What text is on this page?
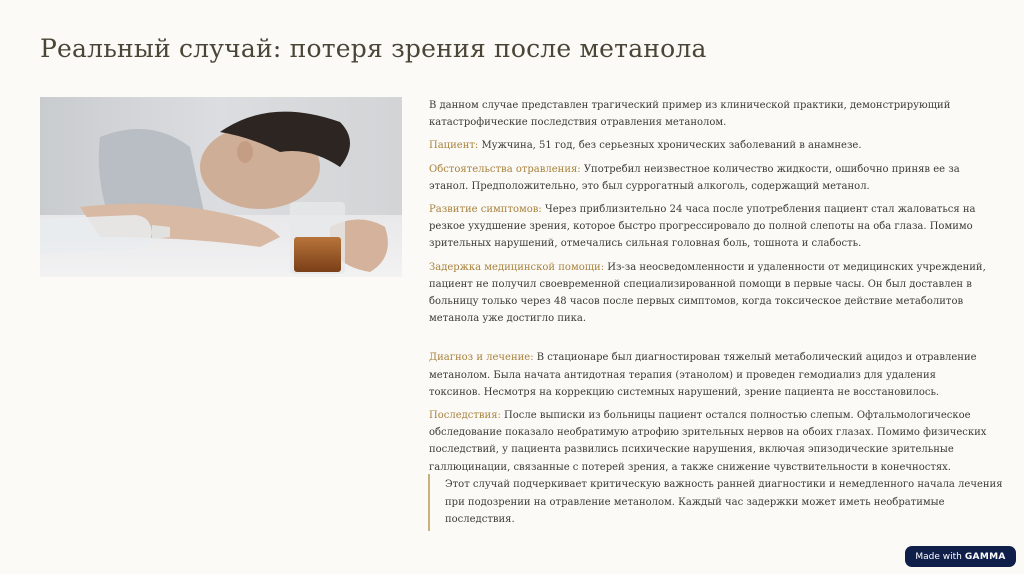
Реальный случай: потеря зрения после метанола

В данном случае представлен трагический пример из клинической практики, демонстрирующий катастрофические последствия отравления метанолом.

Пациент: Мужчина, 51 год, без серьезных хронических заболеваний в анамнезе.

Обстоятельства отравления: Употребил неизвестное количество жидкости, ошибочно приняв ее за этанол. Предположительно, это был суррогатный алкоголь, содержащий метанол.

Развитие симптомов: Через приблизительно 24 часа после употребления пациент стал жаловаться на резкое ухудшение зрения, которое быстро прогрессировало до полной слепоты на оба глаза. Помимо зрительных нарушений, отмечались сильная головная боль, тошнота и слабость.

Задержка медицинской помощи: Из-за неосведомленности и удаленности от медицинских учреждений, пациент не получил своевременной специализированной помощи в первые часы. Он был доставлен в больницу только через 48 часов после первых симптомов, когда токсическое действие метаболитов метанола уже достигло пика.

Диагноз и лечение: В стационаре был диагностирован тяжелый метаболический ацидоз и отравление метанолом. Была начата антидотная терапия (этанолом) и проведен гемодиализ для удаления токсинов. Несмотря на коррекцию системных нарушений, зрение пациента не восстановилось.

Последствия: После выписки из больницы пациент остался полностью слепым. Офтальмологическое обследование показало необратимую атрофию зрительных нервов на обоих глазах. Помимо физических последствий, у пациента развились психические нарушения, включая эпизодические зрительные галлюцинации, связанные с потерей зрения, а также снижение чувствительности в конечностях.

Этот случай подчеркивает критическую важность ранней диагностики и немедленного начала лечения при подозрении на отравление метанолом. Каждый час задержки может иметь необратимые последствия.
Made with GAMMA
